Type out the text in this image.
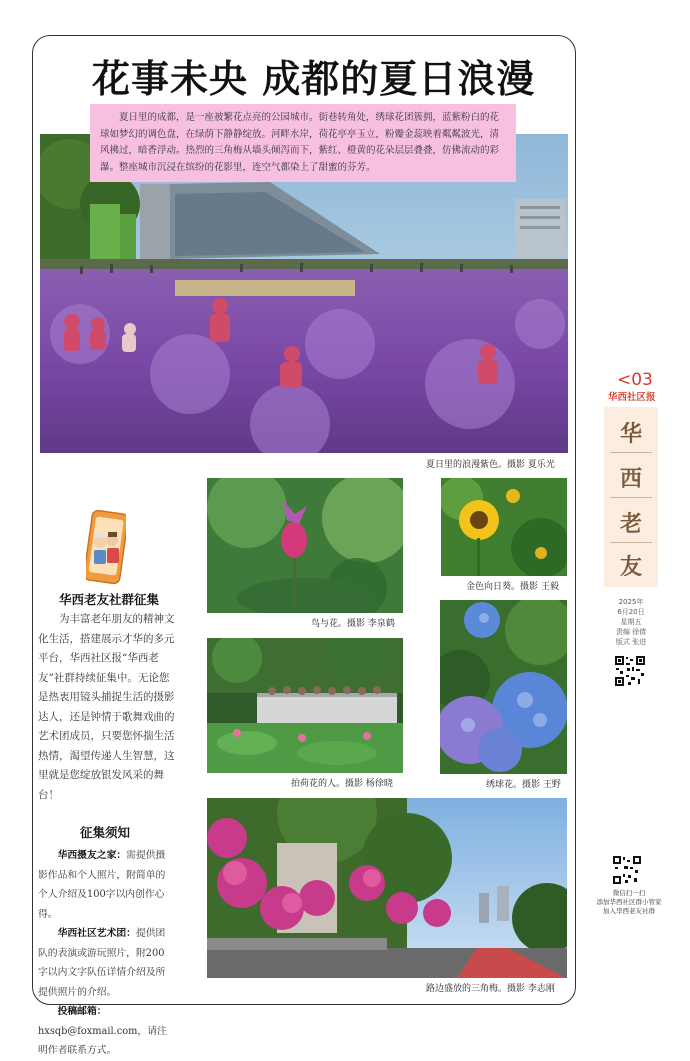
花事未央 成都的夏日浪漫
夏日里的成都，是一座被繁花点亮的公园城市。街巷转角处，绣球花团簇拥，蓝紫粉白的花球如梦幻的调色盘，在绿荫下静静绽放。河畔水岸，荷花亭亭玉立，粉瓣金蕊映着粼粼波光，清风拂过，暗香浮动。热烈的三角梅从墙头倾泻而下，紫红、橙黄的花朵层层叠叠，仿佛流动的彩瀑。整座城市沉浸在缤纷的花影里，连空气都染上了甜蜜的芬芳。
夏日里的浪漫紫色。摄影 夏乐光
鸟与花。摄影 李泉鹤
金色向日葵。摄影 王毅
拍荷花的人。摄影 杨徐晓	绣球花。摄影 王野
路边盛放的三角梅。摄影 李志刚
华西老友社群征集
为丰富老年朋友的精神文化生活，搭建展示才华的多元平台，华西社区报“华西老友”社群持续征集中。无论您是热衷用镜头捕捉生活的摄影达人，还是钟情于歌舞戏曲的艺术团成员，只要您怀揣生活热情，渴望传递人生智慧，这里就是您绽放银发风采的舞台！
征集须知
华西摄友之家：需提供摄影作品和个人照片，附简单的个人介绍及100字以内创作心得。
华西社区艺术团：提供团队的表演或游玩照片，附200字以内文字队伍详情介绍及所提供照片的介绍。
投稿邮箱：hxsqb@foxmail.com，请注明作者联系方式。
<03
华西社区报
华
西
老
友
2025年
6月20日
星期五
责编 徐倩
版式 张进
微信扫一扫
添加华西社区群小管家
加入华西老友社群
